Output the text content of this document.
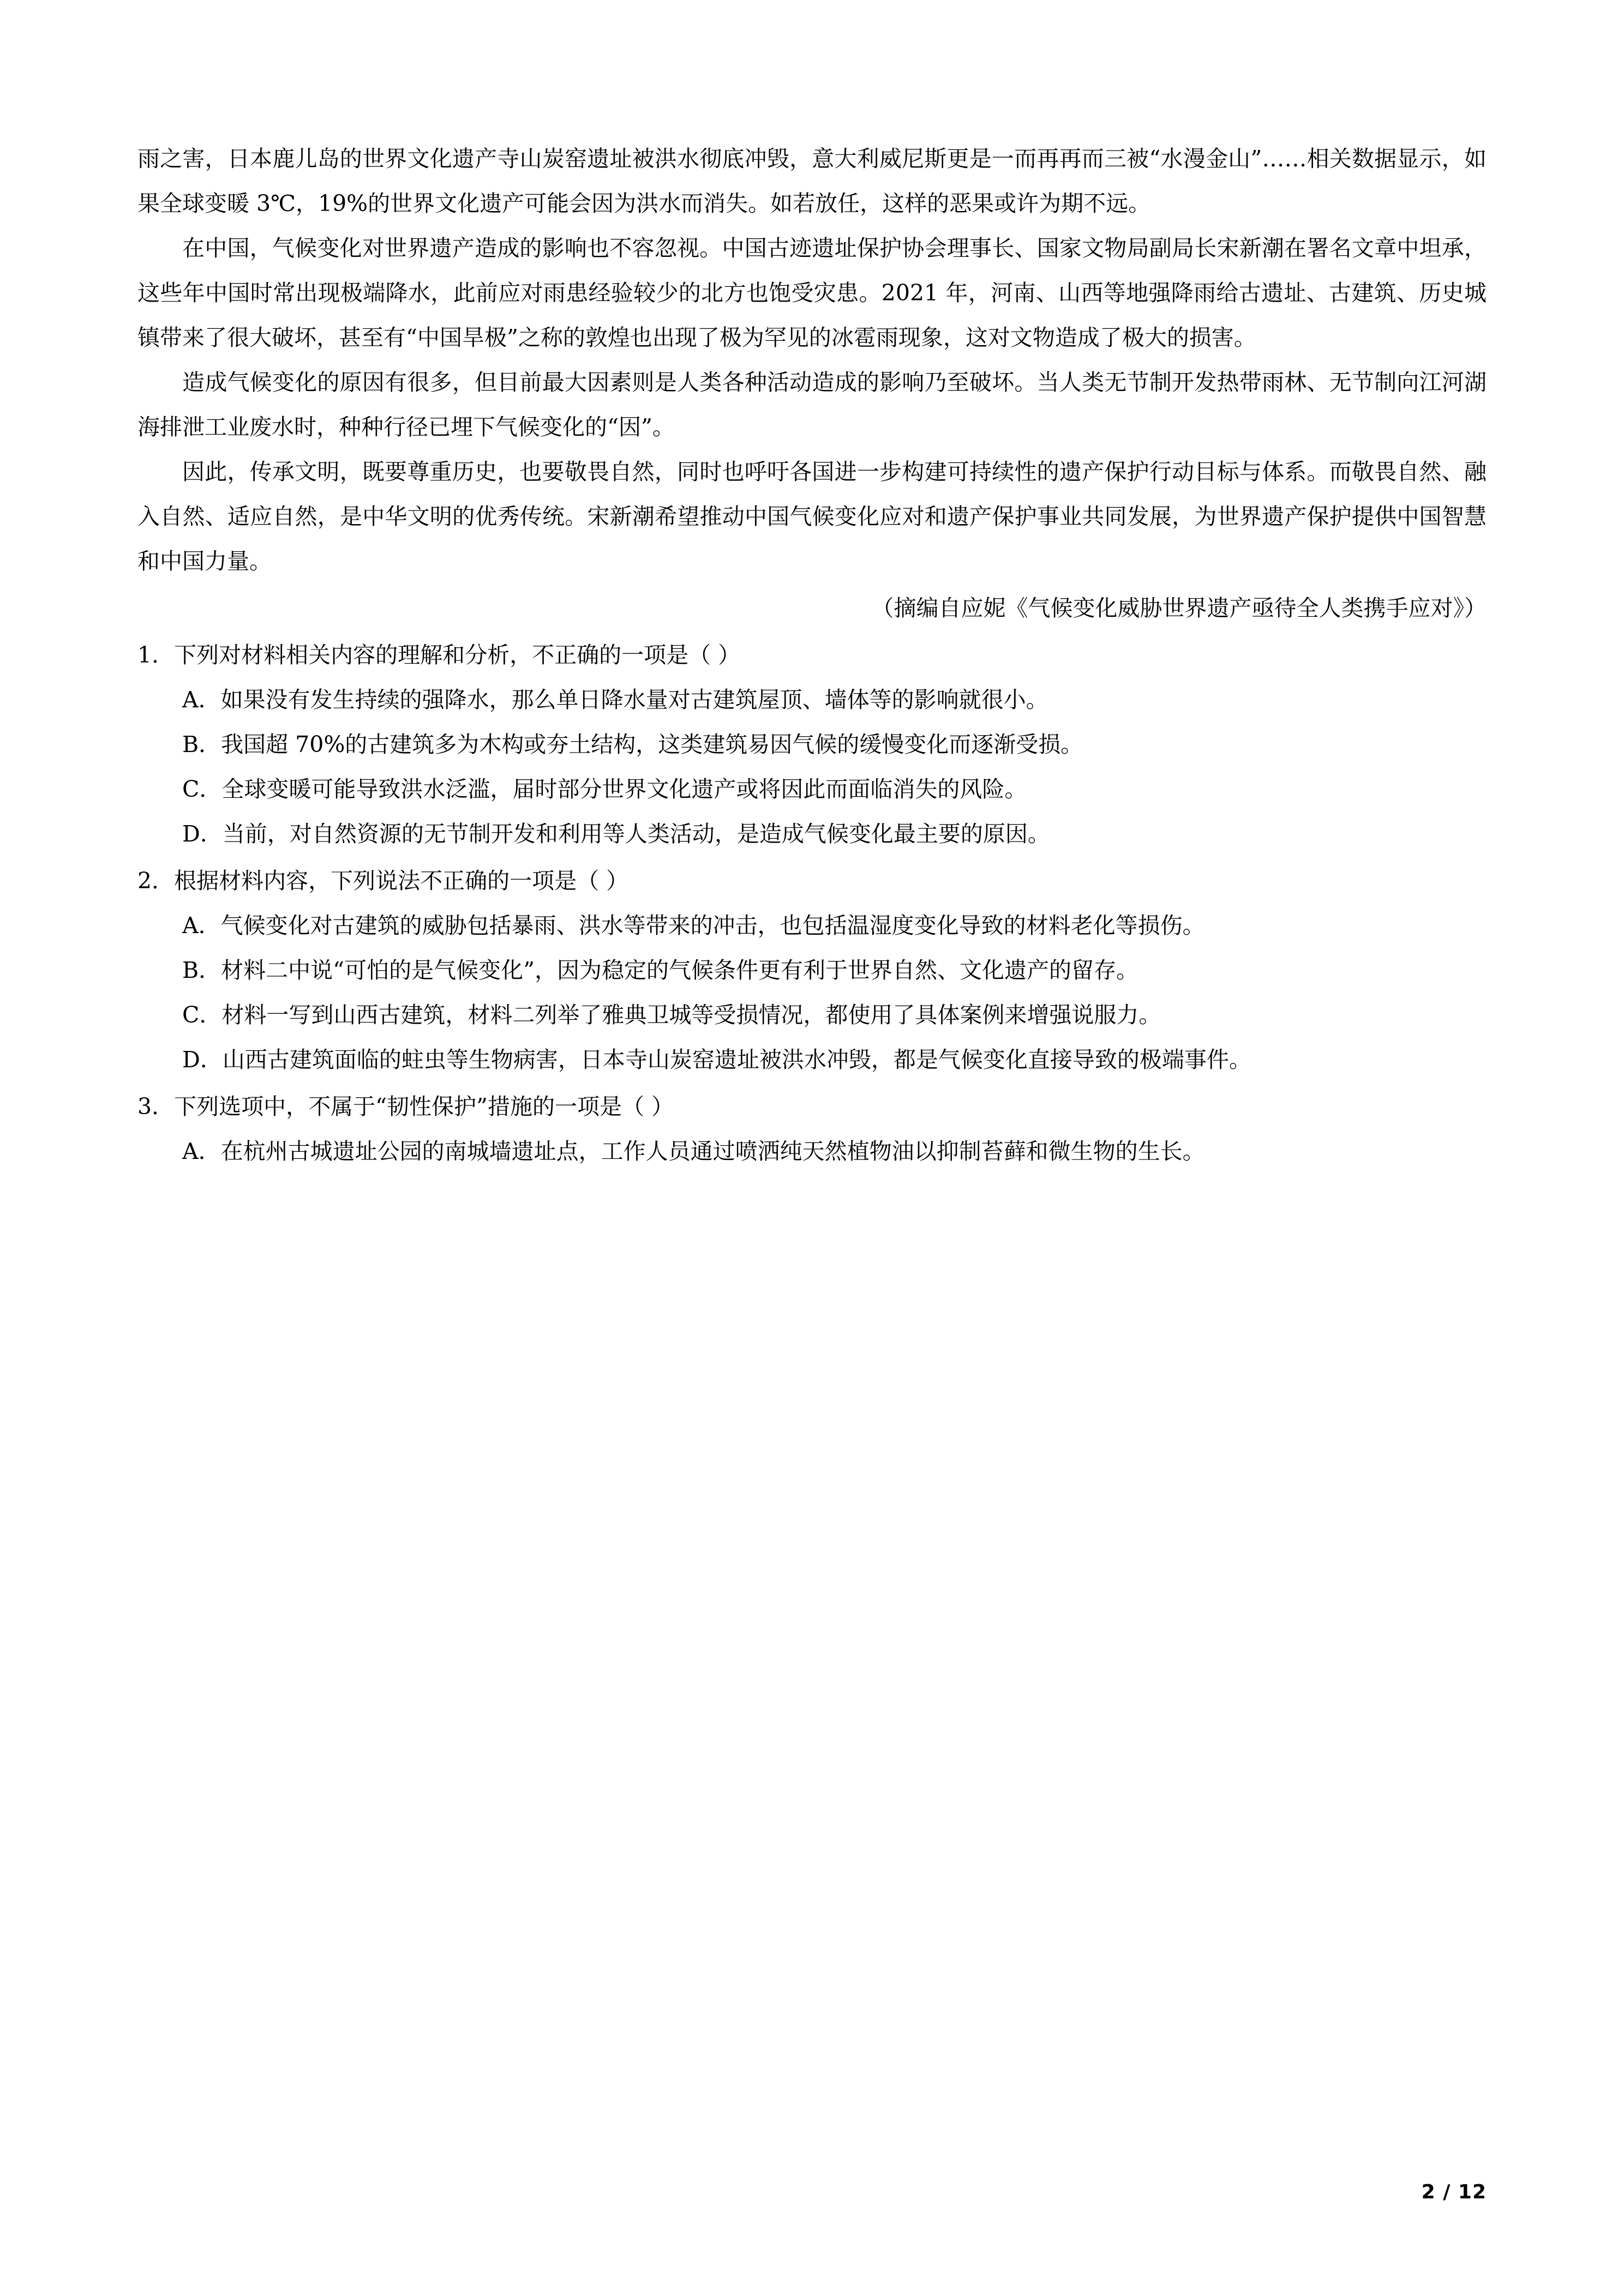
雨之害，日本鹿儿岛的世界文化遗产寺山炭窑遗址被洪水彻底冲毁，意大利威尼斯更是一而再再而三被“水漫金山”……相关数据显示，如果全球变暖 3℃，19%的世界文化遗产可能会因为洪水而消失。如若放任，这样的恶果或许为期不远。

在中国，气候变化对世界遗产造成的影响也不容忽视。中国古迹遗址保护协会理事长、国家文物局副局长宋新潮在署名文章中坦承，这些年中国时常出现极端降水，此前应对雨患经验较少的北方也饱受灾患。2021 年，河南、山西等地强降雨给古遗址、古建筑、历史城镇带来了很大破坏，甚至有“中国旱极”之称的敦煌也出现了极为罕见的冰雹雨现象，这对文物造成了极大的损害。

造成气候变化的原因有很多，但目前最大因素则是人类各种活动造成的影响乃至破坏。当人类无节制开发热带雨林、无节制向江河湖海排泄工业废水时，种种行径已埋下气候变化的“因”。

因此，传承文明，既要尊重历史，也要敬畏自然，同时也呼吁各国进一步构建可持续性的遗产保护行动目标与体系。而敬畏自然、融入自然、适应自然，是中华文明的优秀传统。宋新潮希望推动中国气候变化应对和遗产保护事业共同发展，为世界遗产保护提供中国智慧和中国力量。

（摘编自应妮《气候变化威胁世界遗产亟待全人类携手应对》）

1．下列对材料相关内容的理解和分析，不正确的一项是（ ）

A．如果没有发生持续的强降水，那么单日降水量对古建筑屋顶、墙体等的影响就很小。

B．我国超 70%的古建筑多为木构或夯土结构，这类建筑易因气候的缓慢变化而逐渐受损。

C．全球变暖可能导致洪水泛滥，届时部分世界文化遗产或将因此而面临消失的风险。

D．当前，对自然资源的无节制开发和利用等人类活动，是造成气候变化最主要的原因。

2．根据材料内容，下列说法不正确的一项是（ ）

A．气候变化对古建筑的威胁包括暴雨、洪水等带来的冲击，也包括温湿度变化导致的材料老化等损伤。

B．材料二中说“可怕的是气候变化”，因为稳定的气候条件更有利于世界自然、文化遗产的留存。

C．材料一写到山西古建筑，材料二列举了雅典卫城等受损情况，都使用了具体案例来增强说服力。

D．山西古建筑面临的蛀虫等生物病害，日本寺山炭窑遗址被洪水冲毁，都是气候变化直接导致的极端事件。

3．下列选项中，不属于“韧性保护”措施的一项是（ ）

A．在杭州古城遗址公园的南城墙遗址点，工作人员通过喷洒纯天然植物油以抑制苔藓和微生物的生长。

2 / 12
